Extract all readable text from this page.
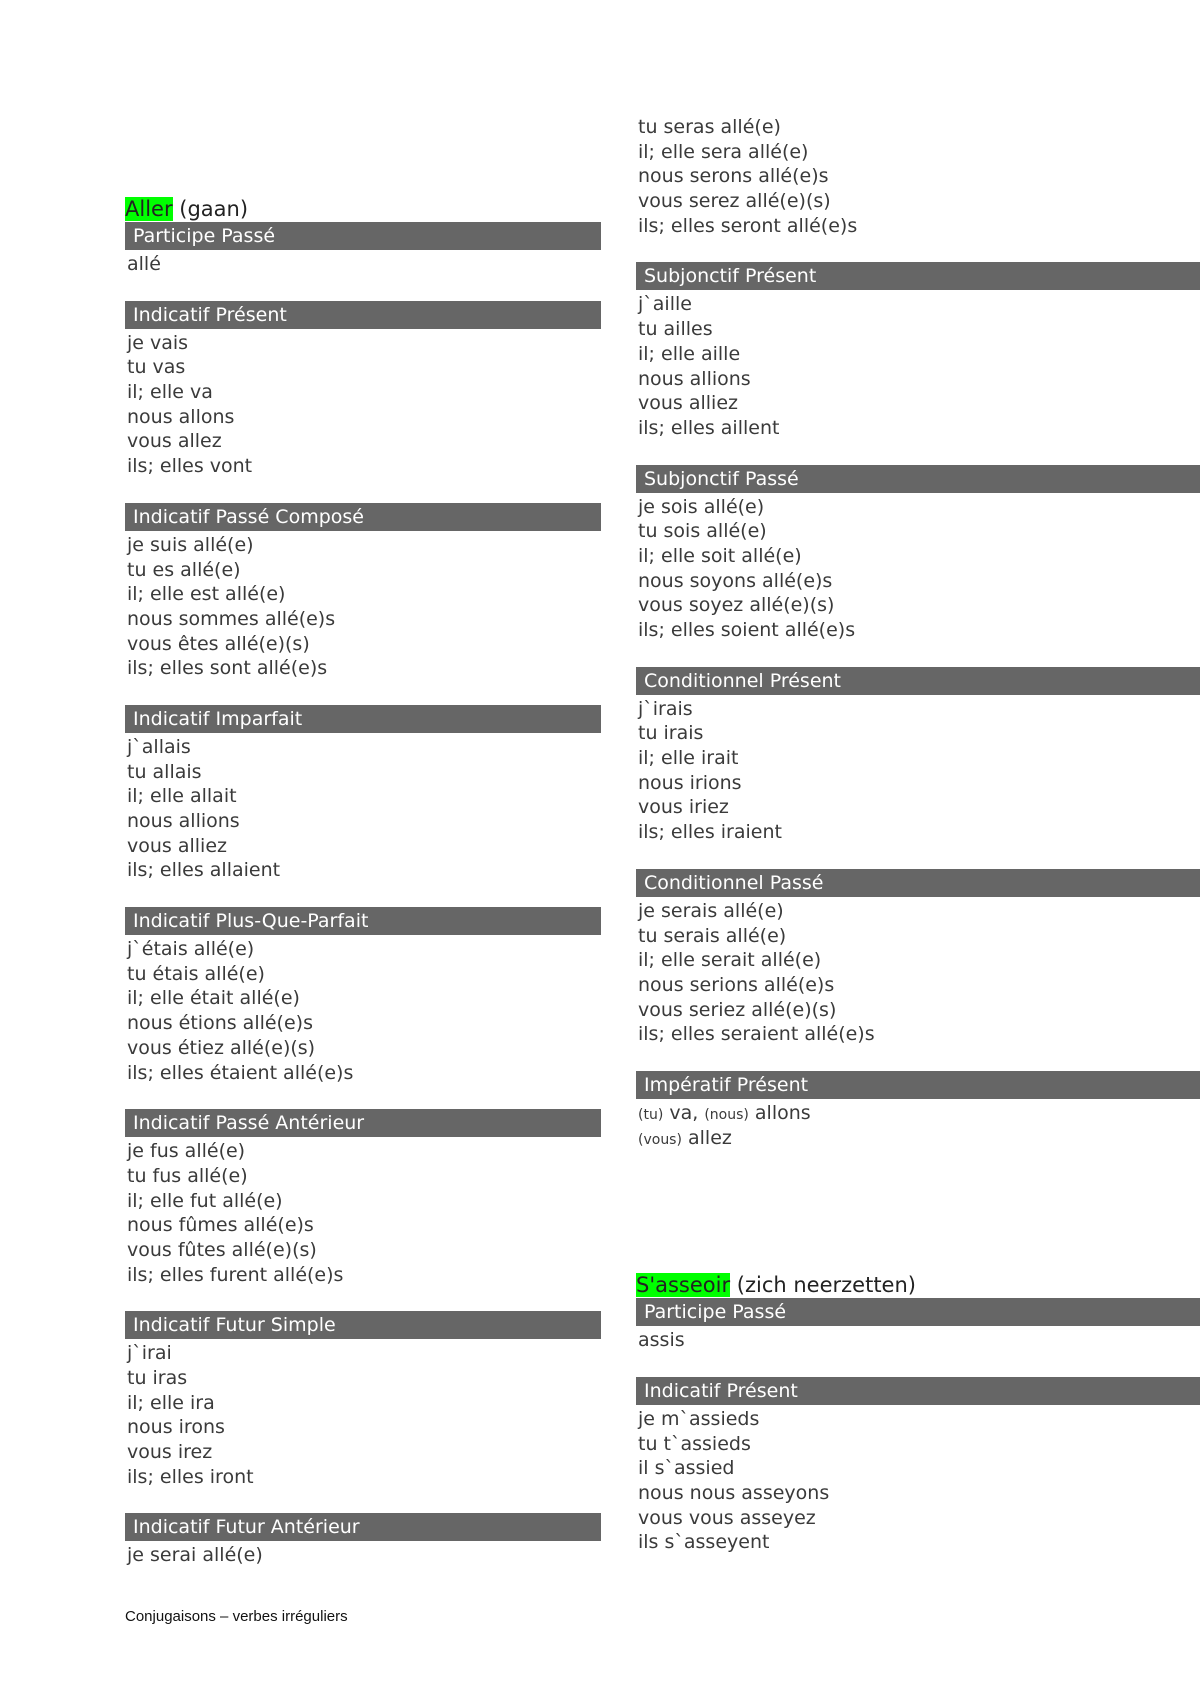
Aller (gaan)
Participe Passé
allé
Indicatif Présent
je vais
tu vas
il; elle va
nous allons
vous allez
ils; elles vont
Indicatif Passé Composé
je suis allé(e)
tu es allé(e)
il; elle est allé(e)
nous sommes allé(e)s
vous êtes allé(e)(s)
ils; elles sont allé(e)s
Indicatif Imparfait
j`allais
tu allais
il; elle allait
nous allions
vous alliez
ils; elles allaient
Indicatif Plus-Que-Parfait
j`étais allé(e)
tu étais allé(e)
il; elle était allé(e)
nous étions allé(e)s
vous étiez allé(e)(s)
ils; elles étaient allé(e)s
Indicatif Passé Antérieur
je fus allé(e)
tu fus allé(e)
il; elle fut allé(e)
nous fûmes allé(e)s
vous fûtes allé(e)(s)
ils; elles furent allé(e)s
Indicatif Futur Simple
j`irai
tu iras
il; elle ira
nous irons
vous irez
ils; elles iront
Indicatif Futur Antérieur
je serai allé(e)
tu seras allé(e)
il; elle sera allé(e)
nous serons allé(e)s
vous serez allé(e)(s)
ils; elles seront allé(e)s
Subjonctif Présent
j`aille
tu ailles
il; elle aille
nous allions
vous alliez
ils; elles aillent
Subjonctif Passé
je sois allé(e)
tu sois allé(e)
il; elle soit allé(e)
nous soyons allé(e)s
vous soyez allé(e)(s)
ils; elles soient allé(e)s
Conditionnel Présent
j`irais
tu irais
il; elle irait
nous irions
vous iriez
ils; elles iraient
Conditionnel Passé
je serais allé(e)
tu serais allé(e)
il; elle serait allé(e)
nous serions allé(e)s
vous seriez allé(e)(s)
ils; elles seraient allé(e)s
Impératif Présent
(tu) va, (nous) allons
(vous) allez
S'asseoir (zich neerzetten)
Participe Passé
assis
Indicatif Présent
je m`assieds
tu t`assieds
il s`assied
nous nous asseyons
vous vous asseyez
ils s`asseyent
Conjugaisons – verbes irréguliers
